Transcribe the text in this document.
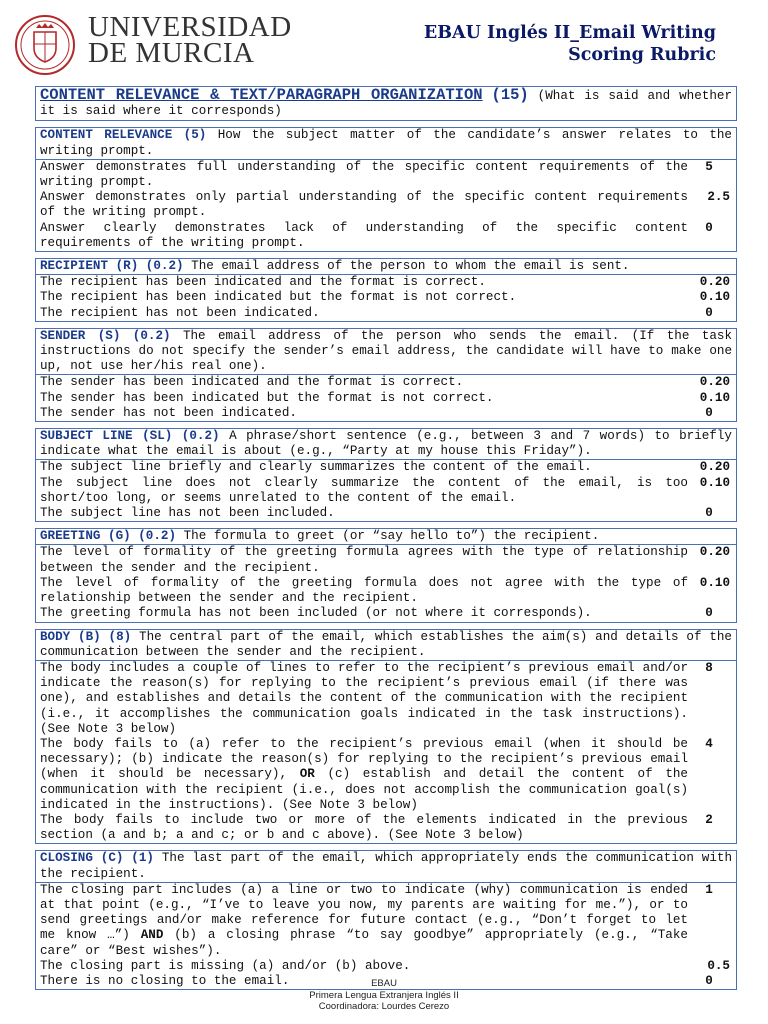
UNIVERSIDAD
DE MURCIA
EBAU Inglés II_Email Writing
Scoring Rubric
CONTENT RELEVANCE & TEXT/PARAGRAPH ORGANIZATION (15) (What is said and whether it is said where it corresponds)
CONTENT RELEVANCE (5) How the subject matter of the candidate’s answer relates to the writing prompt.
Answer demonstrates full understanding of the specific content requirements of the writing prompt.
5
Answer demonstrates only partial understanding of the specific content requirements of the writing prompt.
2.5
Answer clearly demonstrates lack of understanding of the specific content requirements of the writing prompt.
0
RECIPIENT (R) (0.2) The email address of the person to whom the email is sent.
The recipient has been indicated and the format is correct.	0.20
The recipient has been indicated but the format is not correct.	0.10
The recipient has not been indicated.	0
SENDER (S) (0.2) The email address of the person who sends the email. (If the task instructions do not specify the sender’s email address, the candidate will have to make one up, not use her/his real one).
The sender has been indicated and the format is correct.	0.20
The sender has been indicated but the format is not correct.	0.10
The sender has not been indicated.	0
SUBJECT LINE (SL) (0.2) A phrase/short sentence (e.g., between 3 and 7 words) to briefly indicate what the email is about (e.g., “Party at my house this Friday”).
The subject line briefly and clearly summarizes the content of the email.	0.20
The subject line does not clearly summarize the content of the email, is too short/too long, or seems unrelated to the content of the email.
0.10
The subject line has not been included.	0
GREETING (G) (0.2) The formula to greet (or “say hello to”) the recipient.
The level of formality of the greeting formula agrees with the type of relationship between the sender and the recipient.
0.20
The level of formality of the greeting formula does not agree with the type of relationship between the sender and the recipient.
0.10
The greeting formula has not been included (or not where it corresponds).	0
BODY (B) (8) The central part of the email, which establishes the aim(s) and details of the communication between the sender and the recipient.
The body includes a couple of lines to refer to the recipient’s previous email and/or indicate the reason(s) for replying to the recipient’s previous email (if there was one), and establishes and details the content of the communication with the recipient (i.e., it accomplishes the communication goals indicated in the task instructions). (See Note 3 below)
8
The body fails to (a) refer to the recipient’s previous email (when it should be necessary); (b) indicate the reason(s) for replying to the recipient’s previous email (when it should be necessary), OR (c) establish and detail the content of the communication with the recipient (i.e., does not accomplish the communication goal(s) indicated in the instructions). (See Note 3 below)
4
The body fails to include two or more of the elements indicated in the previous section (a and b; a and c; or b and c above). (See Note 3 below)
2
CLOSING (C) (1) The last part of the email, which appropriately ends the communication with the recipient.
The closing part includes (a) a line or two to indicate (why) communication is ended at that point (e.g., “I’ve to leave you now, my parents are waiting for me.”), or to send greetings and/or make reference for future contact (e.g., “Don’t forget to let me know …”) AND (b) a closing phrase “to say goodbye” appropriately (e.g., “Take care” or “Best wishes”).
1
The closing part is missing (a) and/or (b) above.	0.5
There is no closing to the email.	0

EBAU
Primera Lengua Extranjera Inglés II
Coordinadora: Lourdes Cerezo
